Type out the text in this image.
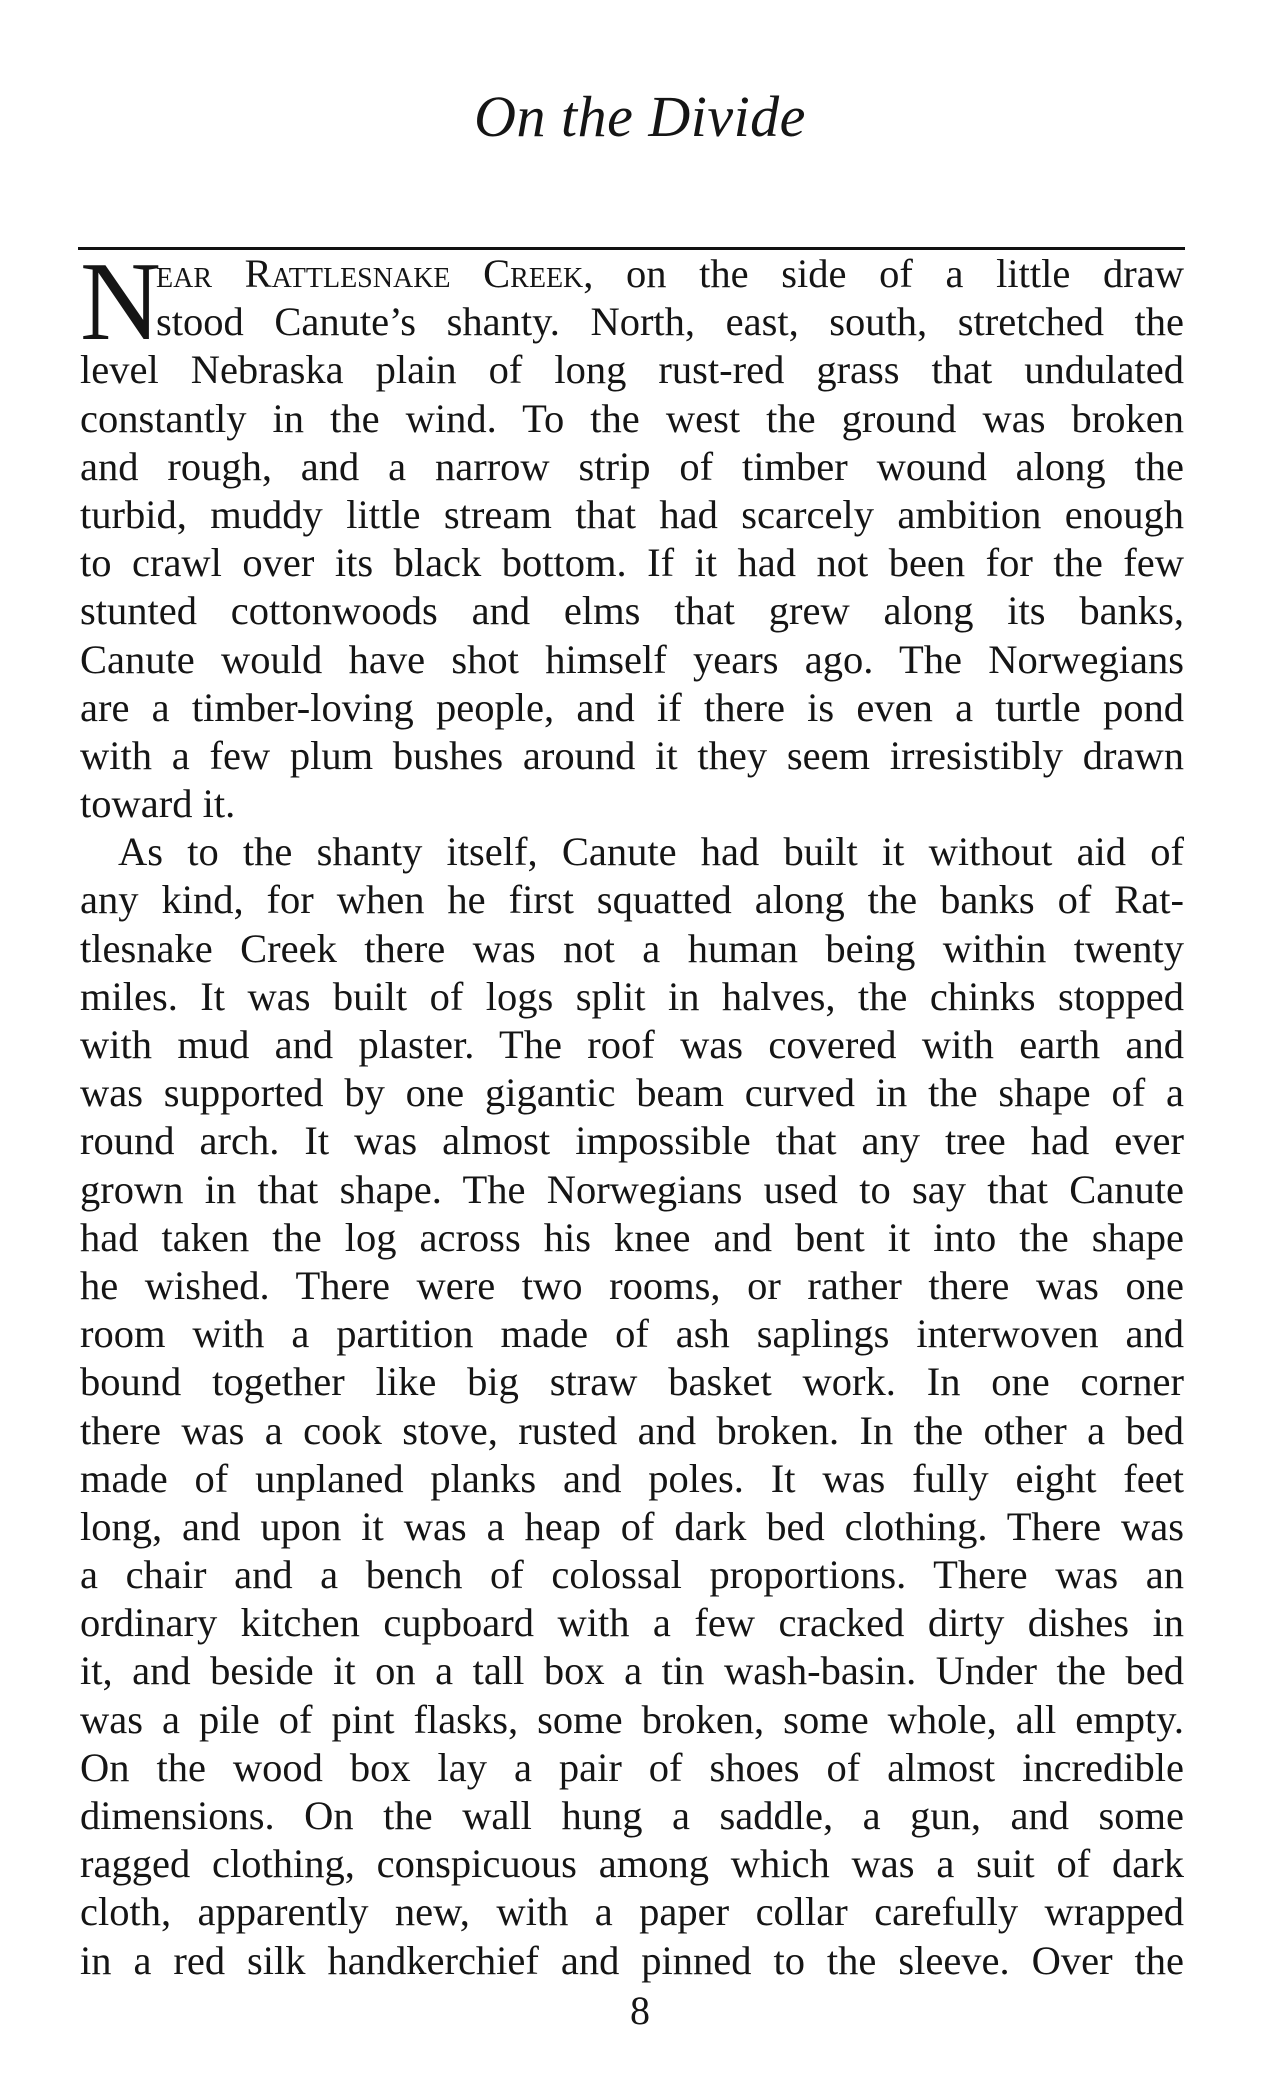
On the Divide
N
ear Rattlesnake Creek, on the side of a little draw
stood Canute’s shanty. North, east, south, stretched the
level Nebraska plain of long rust-red grass that undulated
constantly in the wind. To the west the ground was broken
and rough, and a narrow strip of timber wound along the
turbid, muddy little stream that had scarcely ambition enough
to crawl over its black bottom. If it had not been for the few
stunted cottonwoods and elms that grew along its banks,
Canute would have shot himself years ago. The Norwegians
are a timber-loving people, and if there is even a turtle pond
with a few plum bushes around it they seem irresistibly drawn
toward it.
As to the shanty itself, Canute had built it without aid of
any kind, for when he first squatted along the banks of Rat-
tlesnake Creek there was not a human being within twenty
miles. It was built of logs split in halves, the chinks stopped
with mud and plaster. The roof was covered with earth and
was supported by one gigantic beam curved in the shape of a
round arch. It was almost impossible that any tree had ever
grown in that shape. The Norwegians used to say that Canute
had taken the log across his knee and bent it into the shape
he wished. There were two rooms, or rather there was one
room with a partition made of ash saplings interwoven and
bound together like big straw basket work. In one corner
there was a cook stove, rusted and broken. In the other a bed
made of unplaned planks and poles. It was fully eight feet
long, and upon it was a heap of dark bed clothing. There was
a chair and a bench of colossal proportions. There was an
ordinary kitchen cupboard with a few cracked dirty dishes in
it, and beside it on a tall box a tin wash-basin. Under the bed
was a pile of pint flasks, some broken, some whole, all empty.
On the wood box lay a pair of shoes of almost incredible
dimensions. On the wall hung a saddle, a gun, and some
ragged clothing, conspicuous among which was a suit of dark
cloth, apparently new, with a paper collar carefully wrapped
in a red silk handkerchief and pinned to the sleeve. Over the
8
